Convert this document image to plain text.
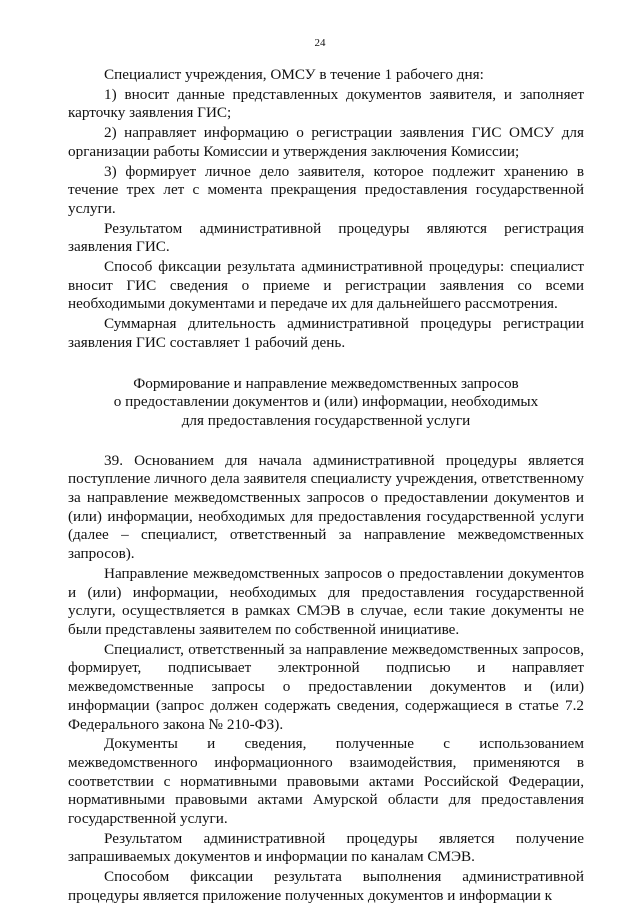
24

Специалист учреждения, ОМСУ в течение 1 рабочего дня:

1) вносит данные представленных документов заявителя, и заполняет карточку заявления ГИС;

2) направляет информацию о регистрации заявления ГИС ОМСУ для организации работы Комиссии и утверждения заключения Комиссии;

3) формирует личное дело заявителя, которое подлежит хранению в течение трех лет с момента прекращения предоставления государственной услуги.

Результатом административной процедуры являются регистрация заявления ГИС.

Способ фиксации результата административной процедуры: специалист вносит ГИС сведения о приеме и регистрации заявления со всеми необходимыми документами и передаче их для дальнейшего рассмотрения.

Суммарная длительность административной процедуры регистрации заявления ГИС составляет 1 рабочий день.

Формирование и направление межведомственных запросов
о предоставлении документов и (или) информации, необходимых
для предоставления государственной услуги

39. Основанием для начала административной процедуры является поступление личного дела заявителя специалисту учреждения, ответственному за направление межведомственных запросов о предоставлении документов и (или) информации, необходимых для предоставления государственной услуги (далее – специалист, ответственный за направление межведомственных запросов).

Направление межведомственных запросов о предоставлении документов и (или) информации, необходимых для предоставления государственной услуги, осуществляется в рамках СМЭВ в случае, если такие документы не были представлены заявителем по собственной инициативе.

Специалист, ответственный за направление межведомственных запросов, формирует, подписывает электронной подписью и направляет межведомственные запросы о предоставлении документов и (или) информации (запрос должен содержать сведения, содержащиеся в статье 7.2 Федерального закона № 210-ФЗ).

Документы и сведения, полученные с использованием межведомственного информационного взаимодействия, применяются в соответствии с нормативными правовыми актами Российской Федерации, нормативными правовыми актами Амурской области для предоставления государственной услуги.

Результатом административной процедуры является получение запрашиваемых документов и информации по каналам СМЭВ.

Способом фиксации результата выполнения административной процедуры является приложение полученных документов и информации к
